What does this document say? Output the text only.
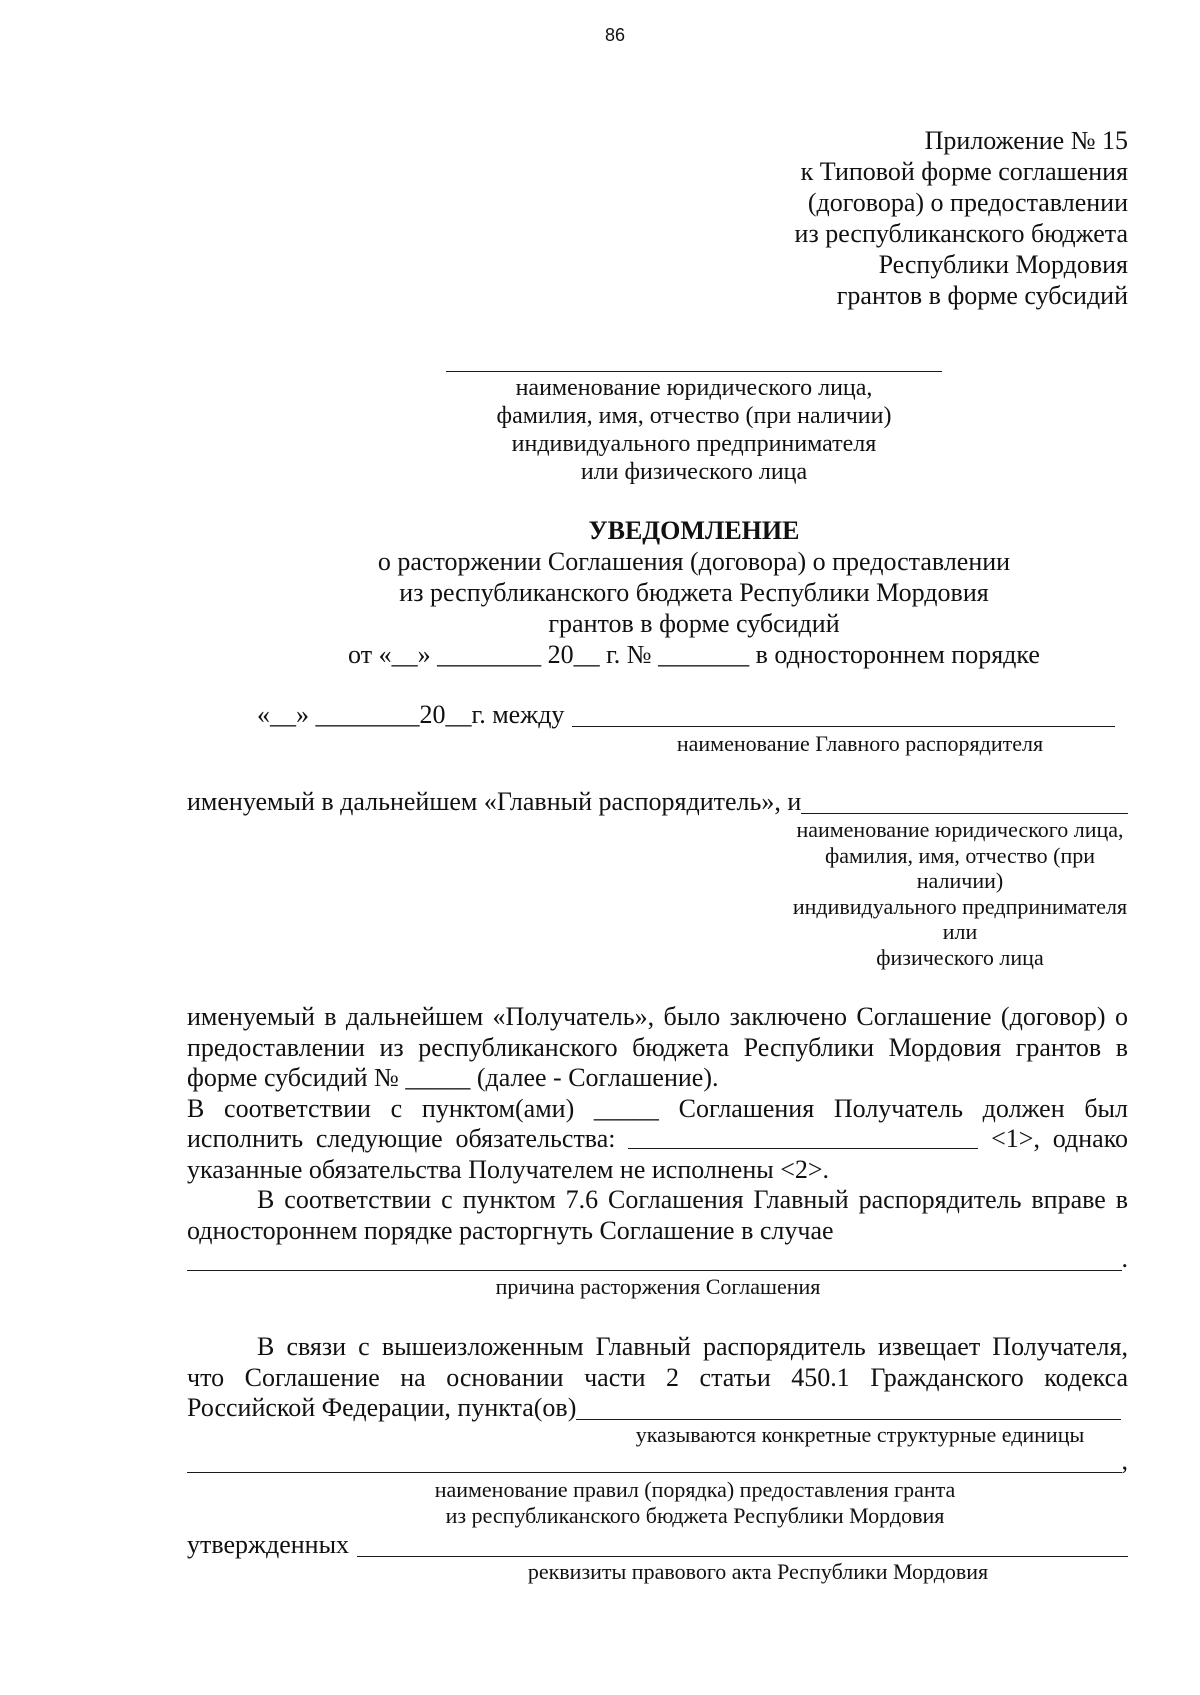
86
Приложение № 15
к Типовой форме соглашения
(договора) о предоставлении
из республиканского бюджета
Республики Мордовия
грантов в форме субсидий
наименование юридического лица,
фамилия, имя, отчество (при наличии)
индивидуального предпринимателя
или физического лица
УВЕДОМЛЕНИЕ
о расторжении Соглашения (договора) о предоставлении
из республиканского бюджета Республики Мордовия
грантов в форме субсидий
от «__» ________ 20__ г. № _______ в одностороннем порядке
«__» ________20__г. между
наименование Главного распорядителя
именуемый в дальнейшем «Главный распорядитель», и
наименование юридического лица,
фамилия, имя, отчество (при
наличии)
индивидуального предпринимателя
или
физического лица
именуемый в дальнейшем «Получатель», было заключено Соглашение (договор) о
предоставлении из республиканского бюджета Республики Мордовия грантов в
форме субсидий № _____ (далее - Соглашение).
В соответствии с пунктом(ами) _____ Соглашения Получатель должен был
исполнить следующие обязательства:	<1>, однако
указанные обязательства Получателем не исполнены <2>.
В соответствии с пунктом 7.6 Соглашения Главный распорядитель вправе в
одностороннем порядке расторгнуть Соглашение в случае
.
причина расторжения Соглашения
В связи с вышеизложенным Главный распорядитель извещает Получателя,
что Соглашение на основании части 2 статьи 450.1 Гражданского кодекса
Российской Федерации, пункта(ов)
указываются конкретные структурные единицы
,
наименование правил (порядка) предоставления гранта
из республиканского бюджета Республики Мордовия
утвержденных
реквизиты правового акта Республики Мордовия
